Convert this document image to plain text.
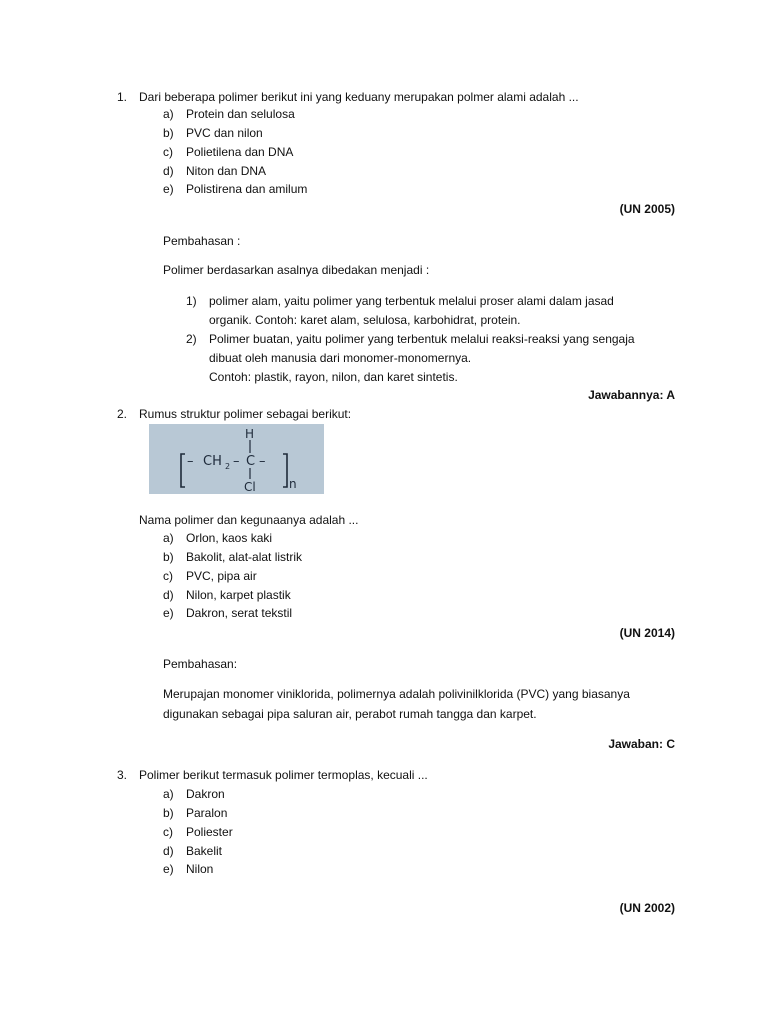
1. Dari beberapa polimer berikut ini yang keduany merupakan polmer alami adalah ...
a) Protein dan selulosa
b) PVC dan nilon
c) Polietilena dan DNA
d) Niton dan DNA
e) Polistirena dan amilum
(UN 2005)
Pembahasan :
Polimer berdasarkan asalnya dibedakan menjadi :
1) polimer alam, yaitu polimer yang terbentuk melalui proser alami dalam jasad
organik. Contoh: karet alam, selulosa, karbohidrat, protein.
2) Polimer buatan, yaitu polimer yang terbentuk melalui reaksi-reaksi yang sengaja
dibuat oleh manusia dari monomer-monomernya.
Contoh: plastik, rayon, nilon, dan karet sintetis.
Jawabannya: A
2. Rumus struktur polimer sebagai berikut:
– CH 2 – C –
H
Cl	n
Nama polimer dan kegunaanya adalah ...
a) Orlon, kaos kaki
b) Bakolit, alat-alat listrik
c) PVC, pipa air
d) Nilon, karpet plastik
e) Dakron, serat tekstil
(UN 2014)
Pembahasan:
Merupajan monomer viniklorida, polimernya adalah polivinilklorida (PVC) yang biasanya
digunakan sebagai pipa saluran air, perabot rumah tangga dan karpet.
Jawaban: C
3. Polimer berikut termasuk polimer termoplas, kecuali ...
a) Dakron
b) Paralon
c) Poliester
d) Bakelit
e) Nilon
(UN 2002)
